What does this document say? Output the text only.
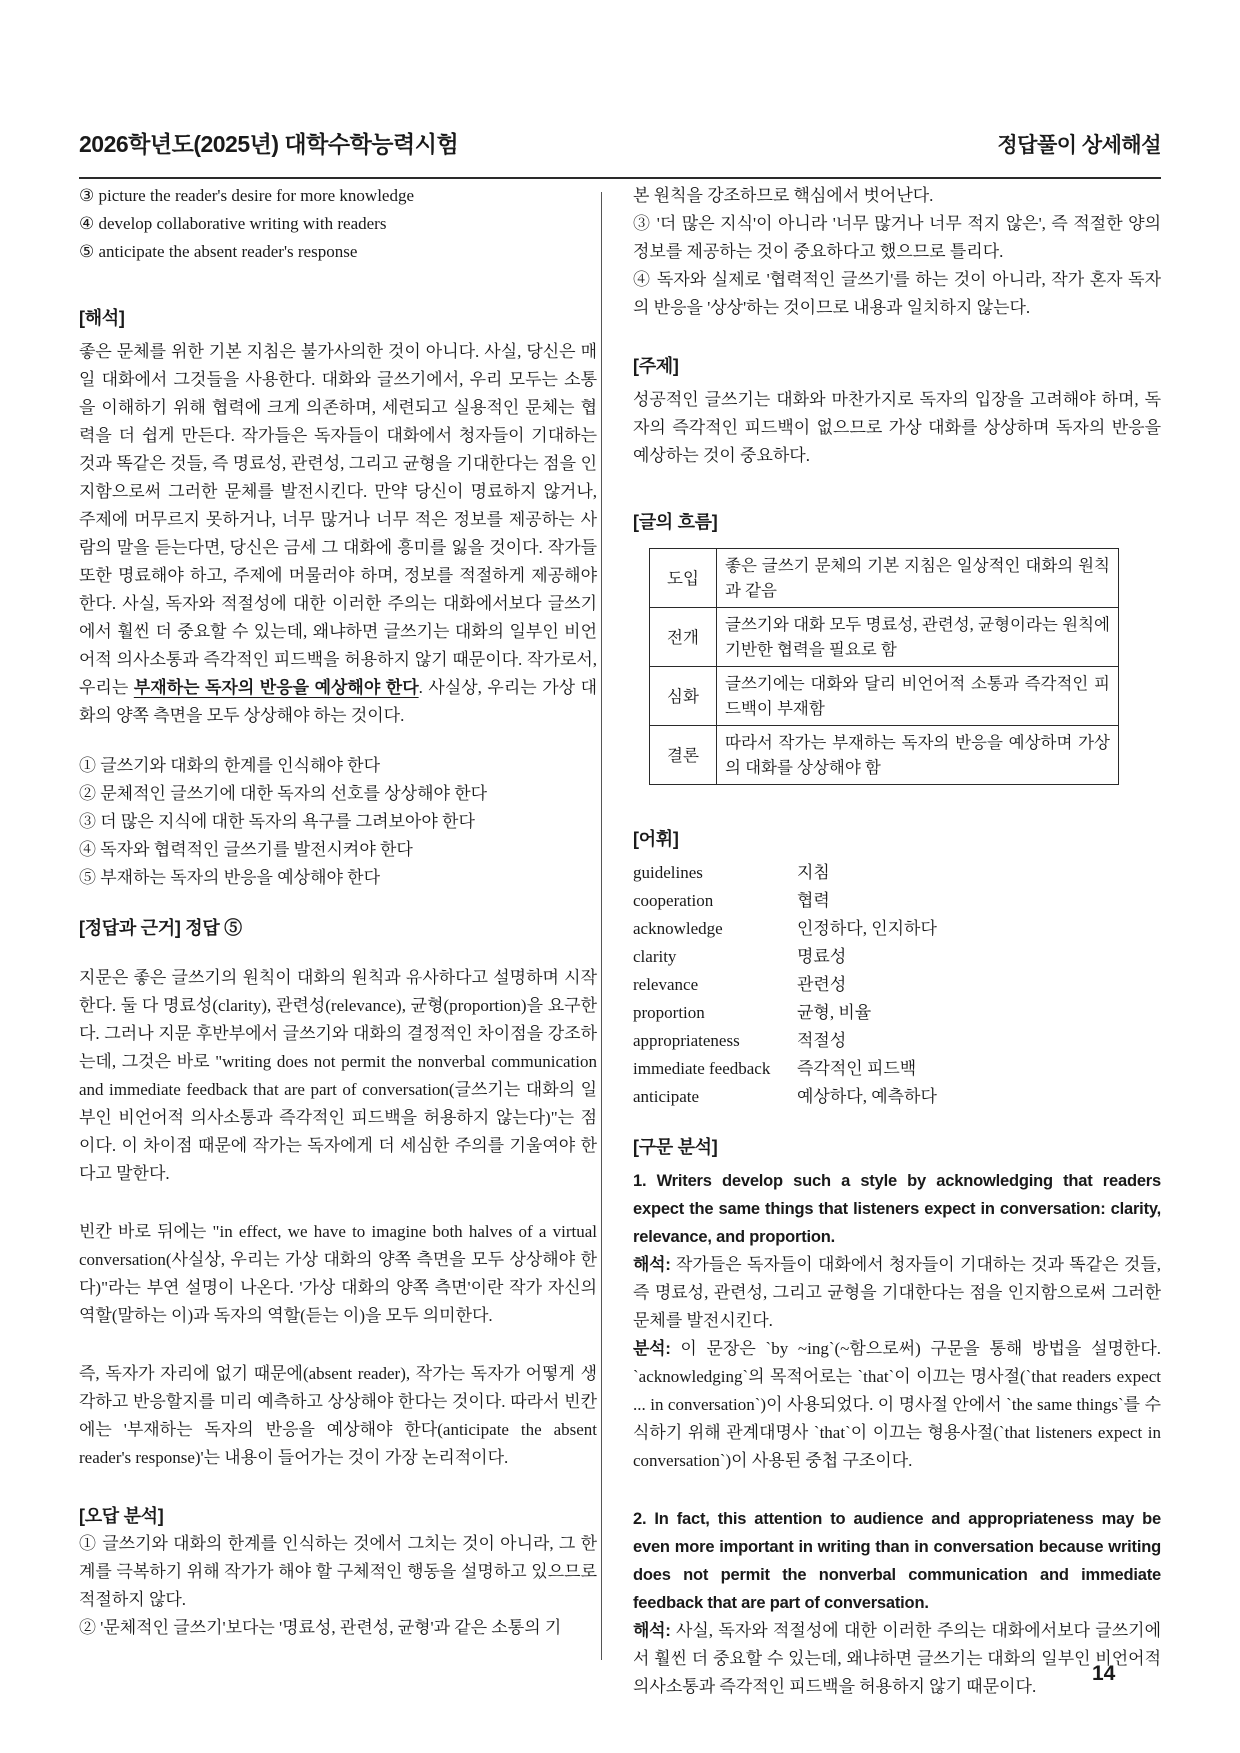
2026학년도(2025년) 대학수학능력시험	정답풀이 상세해설

③ picture the reader's desire for more knowledge

④ develop collaborative writing with readers

⑤ anticipate the absent reader's response

[해석]

좋은 문체를 위한 기본 지침은 불가사의한 것이 아니다. 사실, 당신은 매일 대화에서 그것들을 사용한다. 대화와 글쓰기에서, 우리 모두는 소통을 이해하기 위해 협력에 크게 의존하며, 세련되고 실용적인 문체는 협력을 더 쉽게 만든다. 작가들은 독자들이 대화에서 청자들이 기대하는 것과 똑같은 것들, 즉 명료성, 관련성, 그리고 균형을 기대한다는 점을 인지함으로써 그러한 문체를 발전시킨다. 만약 당신이 명료하지 않거나, 주제에 머무르지 못하거나, 너무 많거나 너무 적은 정보를 제공하는 사람의 말을 듣는다면, 당신은 금세 그 대화에 흥미를 잃을 것이다. 작가들 또한 명료해야 하고, 주제에 머물러야 하며, 정보를 적절하게 제공해야 한다. 사실, 독자와 적절성에 대한 이러한 주의는 대화에서보다 글쓰기에서 훨씬 더 중요할 수 있는데, 왜냐하면 글쓰기는 대화의 일부인 비언어적 의사소통과 즉각적인 피드백을 허용하지 않기 때문이다. 작가로서, 우리는 부재하는 독자의 반응을 예상해야 한다. 사실상, 우리는 가상 대화의 양쪽 측면을 모두 상상해야 하는 것이다.

① 글쓰기와 대화의 한계를 인식해야 한다

② 문체적인 글쓰기에 대한 독자의 선호를 상상해야 한다

③ 더 많은 지식에 대한 독자의 욕구를 그려보아야 한다

④ 독자와 협력적인 글쓰기를 발전시켜야 한다

⑤ 부재하는 독자의 반응을 예상해야 한다

[정답과 근거] 정답 ⑤

지문은 좋은 글쓰기의 원칙이 대화의 원칙과 유사하다고 설명하며 시작한다. 둘 다 명료성(clarity), 관련성(relevance), 균형(proportion)을 요구한다. 그러나 지문 후반부에서 글쓰기와 대화의 결정적인 차이점을 강조하는데, 그것은 바로 "writing does not permit the nonverbal communication and immediate feedback that are part of conversation(글쓰기는 대화의 일부인 비언어적 의사소통과 즉각적인 피드백을 허용하지 않는다)"는 점이다. 이 차이점 때문에 작가는 독자에게 더 세심한 주의를 기울여야 한다고 말한다.

빈칸 바로 뒤에는 "in effect, we have to imagine both halves of a virtual conversation(사실상, 우리는 가상 대화의 양쪽 측면을 모두 상상해야 한다)"라는 부연 설명이 나온다. '가상 대화의 양쪽 측면'이란 작가 자신의 역할(말하는 이)과 독자의 역할(듣는 이)을 모두 의미한다.

즉, 독자가 자리에 없기 때문에(absent reader), 작가는 독자가 어떻게 생각하고 반응할지를 미리 예측하고 상상해야 한다는 것이다. 따라서 빈칸에는 '부재하는 독자의 반응을 예상해야 한다(anticipate the absent reader's response)'는 내용이 들어가는 것이 가장 논리적이다.

[오답 분석]

① 글쓰기와 대화의 한계를 인식하는 것에서 그치는 것이 아니라, 그 한계를 극복하기 위해 작가가 해야 할 구체적인 행동을 설명하고 있으므로 적절하지 않다.

② '문체적인 글쓰기'보다는 '명료성, 관련성, 균형'과 같은 소통의 기

본 원칙을 강조하므로 핵심에서 벗어난다.

③ '더 많은 지식'이 아니라 '너무 많거나 너무 적지 않은', 즉 적절한 양의 정보를 제공하는 것이 중요하다고 했으므로 틀리다.

④ 독자와 실제로 '협력적인 글쓰기'를 하는 것이 아니라, 작가 혼자 독자의 반응을 '상상'하는 것이므로 내용과 일치하지 않는다.

[주제]

성공적인 글쓰기는 대화와 마찬가지로 독자의 입장을 고려해야 하며, 독자의 즉각적인 피드백이 없으므로 가상 대화를 상상하며 독자의 반응을 예상하는 것이 중요하다.

[글의 흐름]

도입	좋은 글쓰기 문체의 기본 지침은 일상적인 대화의 원칙과 같음
전개	글쓰기와 대화 모두 명료성, 관련성, 균형이라는 원칙에 기반한 협력을 필요로 함
심화	글쓰기에는 대화와 달리 비언어적 소통과 즉각적인 피드백이 부재함
결론	따라서 작가는 부재하는 독자의 반응을 예상하며 가상의 대화를 상상해야 함

[어휘]

guidelines	지침
cooperation	협력
acknowledge	인정하다, 인지하다
clarity	명료성
relevance	관련성
proportion	균형, 비율
appropriateness	적절성
immediate feedback	즉각적인 피드백
anticipate	예상하다, 예측하다

[구문 분석]

1. Writers develop such a style by acknowledging that readers expect the same things that listeners expect in conversation: clarity, relevance, and proportion.

해석: 작가들은 독자들이 대화에서 청자들이 기대하는 것과 똑같은 것들, 즉 명료성, 관련성, 그리고 균형을 기대한다는 점을 인지함으로써 그러한 문체를 발전시킨다.

분석: 이 문장은 `by ~ing`(~함으로써) 구문을 통해 방법을 설명한다. `acknowledging`의 목적어로는 `that`이 이끄는 명사절(`that readers expect ... in conversation`)이 사용되었다. 이 명사절 안에서 `the same things`를 수식하기 위해 관계대명사 `that`이 이끄는 형용사절(`that listeners expect in conversation`)이 사용된 중첩 구조이다.

2. In fact, this attention to audience and appropriateness may be even more important in writing than in conversation because writing does not permit the nonverbal communication and immediate feedback that are part of conversation.

해석: 사실, 독자와 적절성에 대한 이러한 주의는 대화에서보다 글쓰기에서 훨씬 더 중요할 수 있는데, 왜냐하면 글쓰기는 대화의 일부인 비언어적 의사소통과 즉각적인 피드백을 허용하지 않기 때문이다.

14
